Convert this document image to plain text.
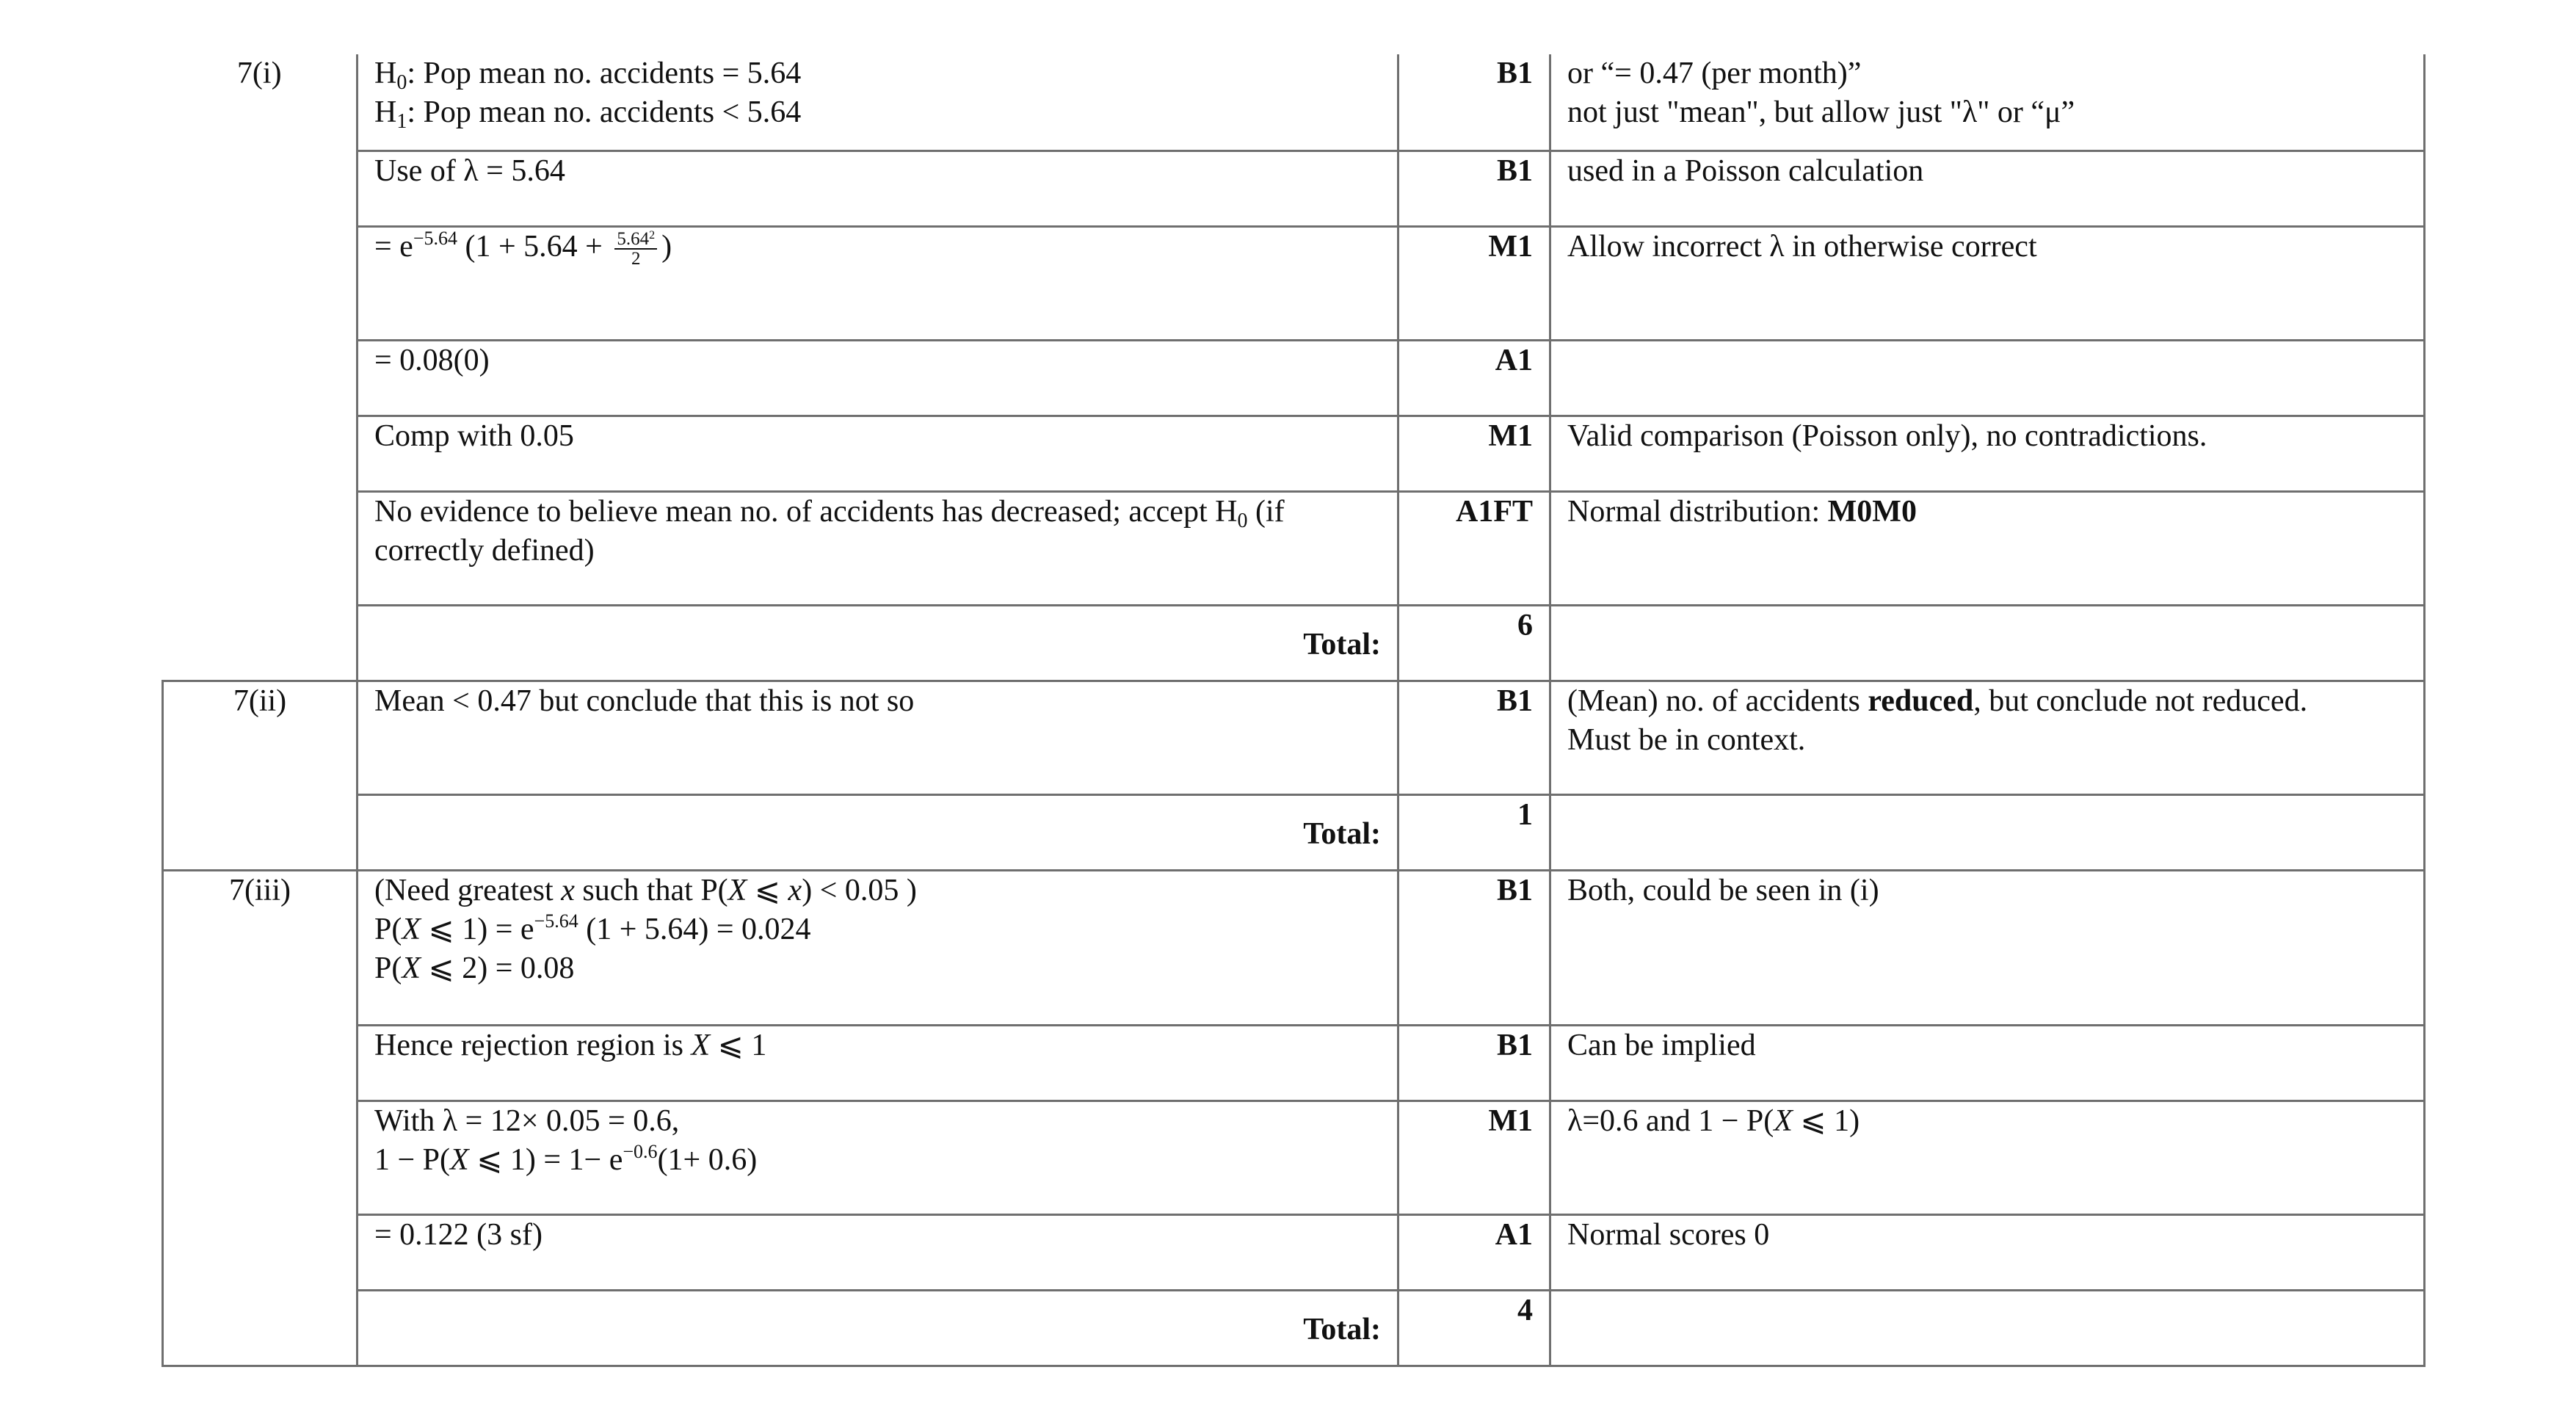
7(i)	$H_0$: Pop mean no. accidents = 5.64
$H_1$: Pop mean no. accidents < 5.64	B1	or “= 0.47 (per month)”
not just "mean", but allow just "λ" or “μ”

	Use of λ = 5.64	B1	used in a Poisson calculation

	= $e^{-5.64}$ ($1 + 5.64 + \frac{5.64^2}{2}$ )	M1	Allow incorrect λ in otherwise correct
	= 0.08(0)	A1	
	Comp with 0.05	M1	Valid comparison (Poisson only), no contradictions.

	No evidence to believe mean no. of accidents has decreased; accept $H_0$ (if
correctly defined)	A1FT	Normal distribution: M0M0
	Total:	6	
7(ii)	Mean < 0.47 but conclude that this is not so	B1	(Mean) no. of accidents reduced, but conclude not reduced.
Must be in context.

	Total:	1	
7(iii)	(Need greatest x such that P(X ⩽ x) < 0.05 )
P(X ⩽ $1) = e^{-5.64}$ (1 + 5.64) = 0.024
P(X ⩽ 2) = 0.08	B1	Both, could be seen in (i)
	Hence rejection region is X ⩽ 1	B1	Can be implied

	With λ = 12× 0.05 = 0.6,
1 − P(X ⩽ $1) = 1- e^{-0.6}(1+ 0.6)$	M1	λ=0.6 and 1 − P(X ⩽ 1)
	= 0.122 (3 sf)	A1	Normal scores 0
	Total:	4	
